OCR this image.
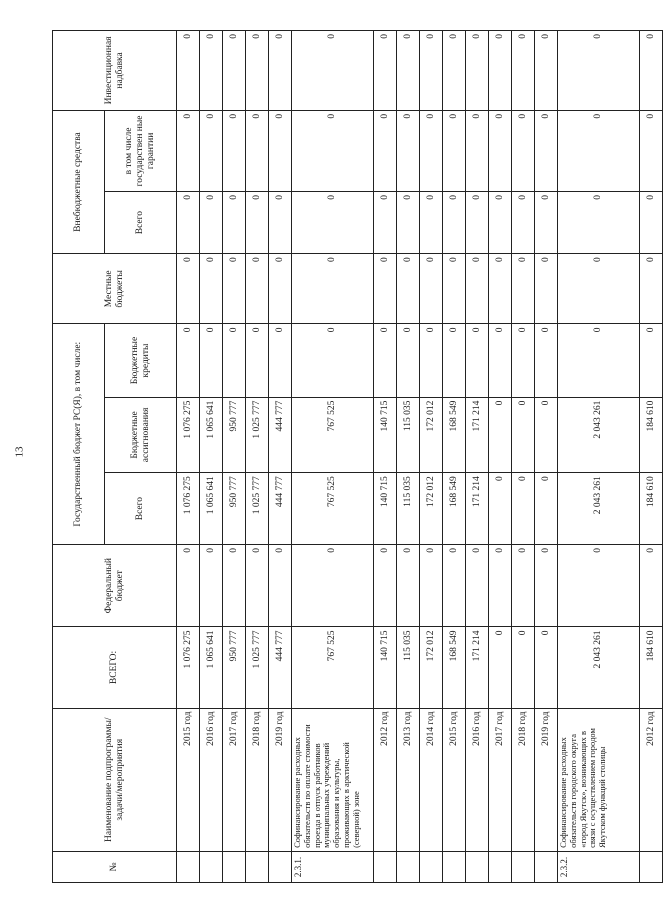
13
№	Наименование подпрограммы/задачи/мероприятия	ВСЕГО:	Федеральный бюджет	Государственный бюджет РС(Я), в том числе:			Местные бюджеты	Внебюджетные средства		Инвестиционная надбавка
				Всего	Бюджетные ассигнования	Бюджетные кредиты		Всего	в том числе государствен ные гарантии	
	2015 год	1 076 275	0	1 076 275	1 076 275	0	0	0	0	0
	2016 год	1 065 641	0	1 065 641	1 065 641	0	0	0	0	0
	2017 год	950 777	0	950 777	950 777	0	0	0	0	0
	2018 год	1 025 777	0	1 025 777	1 025 777	0	0	0	0	0
	2019 год	444 777	0	444 777	444 777	0	0	0	0	0
2.3.1.	Софинансирование расходных обязательств по оплате стоимости проезда в отпуск работников муниципальных учреждений образования и культуры, проживающих в арктической (северной) зоне	767 525	0	767 525	767 525	0	0	0	0	0
	2012 год	140 715	0	140 715	140 715	0	0	0	0	0
	2013 год	115 035	0	115 035	115 035	0	0	0	0	0
	2014 год	172 012	0	172 012	172 012	0	0	0	0	0
	2015 год	168 549	0	168 549	168 549	0	0	0	0	0
	2016 год	171 214	0	171 214	171 214	0	0	0	0	0
	2017 год	0	0	0	0	0	0	0	0	0
	2018 год	0	0	0	0	0	0	0	0	0
	2019 год	0	0	0	0	0	0	0	0	0
2.3.2.	Софинансирование расходных обязательств городского округа «город Якутск», возникающих в связи с осуществлением городом Якутском функций столицы	2 043 261	0	2 043 261	2 043 261	0	0	0	0	0
	2012 год	184 610	0	184 610	184 610	0	0	0	0	0
